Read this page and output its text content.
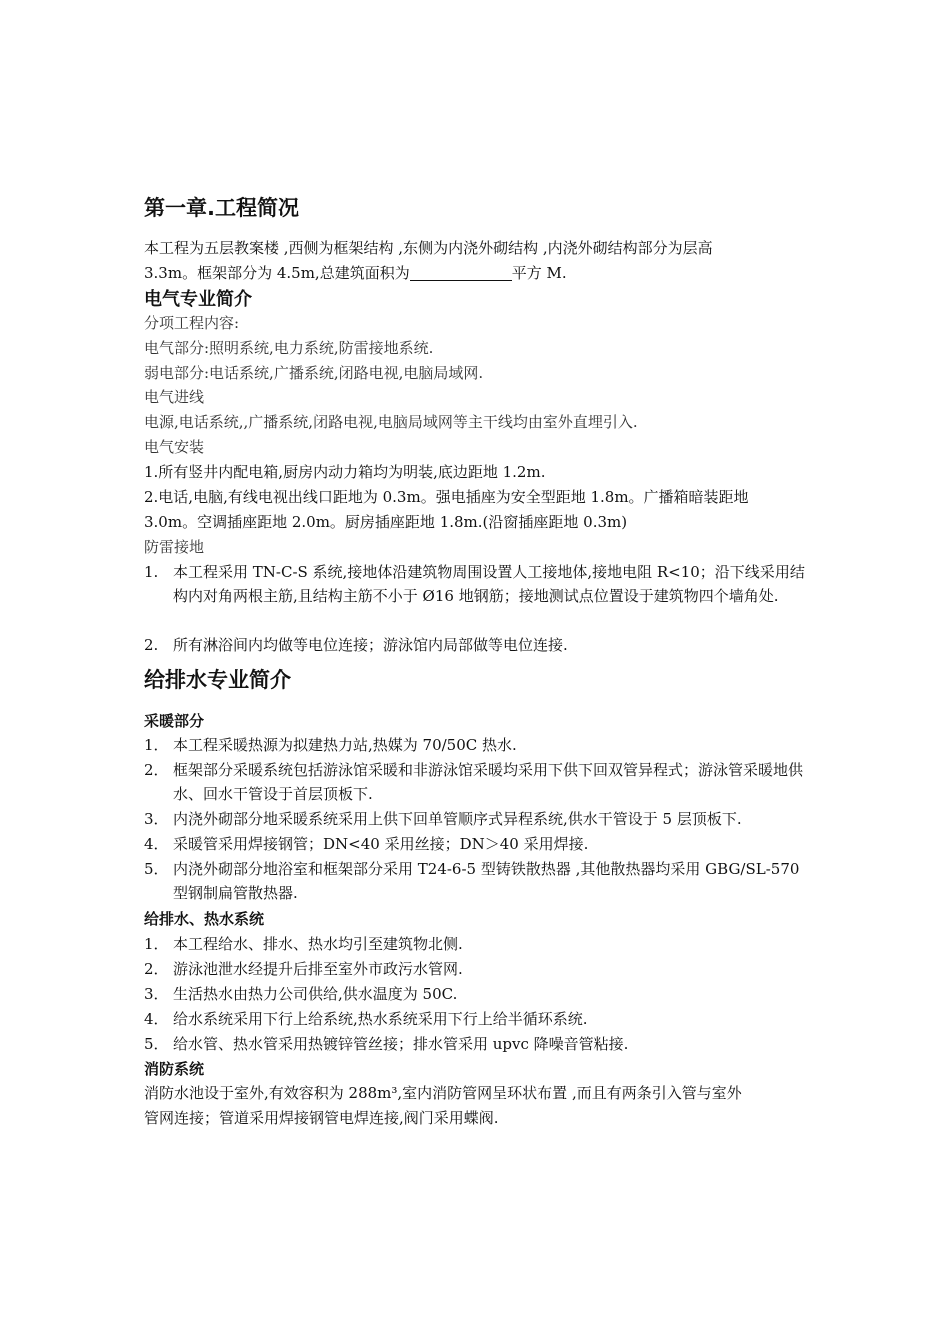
第一章.工程简况
本工程为五层教案楼 ,西侧为框架结构 ,东侧为内浇外砌结构 ,内浇外砌结构部分为层高
3.3m。框架部分为 4.5m,总建筑面积为	平方 M.
电气专业简介
分项工程内容:
电气部分:照明系统,电力系统,防雷接地系统.
弱电部分:电话系统,广播系统,闭路电视,电脑局域网.
电气进线
电源,电话系统,,广播系统,闭路电视,电脑局域网等主干线均由室外直埋引入.
电气安装
1.所有竖井内配电箱,厨房内动力箱均为明装,底边距地 1.2m.
2.电话,电脑,有线电视出线口距地为 0.3m。强电插座为安全型距地 1.8m。广播箱暗装距地
3.0m。空调插座距地 2.0m。厨房插座距地 1.8m.(沿窗插座距地 0.3m)
防雷接地
1. 本工程采用 TN-C-S 系统,接地体沿建筑物周围设置人工接地体,接地电阻 R<10；沿下线采用结构内对角两根主筋,且结构主筋不小于 Ø16 地钢筋；接地测试点位置设于建筑物四个墙角处.
2. 所有淋浴间内均做等电位连接；游泳馆内局部做等电位连接.
给排水专业简介
采暖部分
1． 本工程采暖热源为拟建热力站,热媒为 70/50C 热水.
2． 框架部分采暖系统包括游泳馆采暖和非游泳馆采暖均采用下供下回双管异程式；游泳管采暖地供水、回水干管设于首层顶板下.
3． 内浇外砌部分地采暖系统采用上供下回单管顺序式异程系统,供水干管设于 5 层顶板下.
4． 采暖管采用焊接钢管；DN<40 采用丝接；DN＞40 采用焊接.
5． 内浇外砌部分地浴室和框架部分采用 T24-6-5 型铸铁散热器 ,其他散热器均采用 GBG/SL-570 型钢制扁管散热器.
给排水、热水系统
1． 本工程给水、排水、热水均引至建筑物北侧.
2． 游泳池泄水经提升后排至室外市政污水管网.
3． 生活热水由热力公司供给,供水温度为 50C.
4． 给水系统采用下行上给系统,热水系统采用下行上给半循环系统.
5． 给水管、热水管采用热镀锌管丝接；排水管采用 upvc 降噪音管粘接.
消防系统
消防水池设于室外,有效容积为 288m³,室内消防管网呈环状布置 ,而且有两条引入管与室外
管网连接；管道采用焊接钢管电焊连接,阀门采用蝶阀.
